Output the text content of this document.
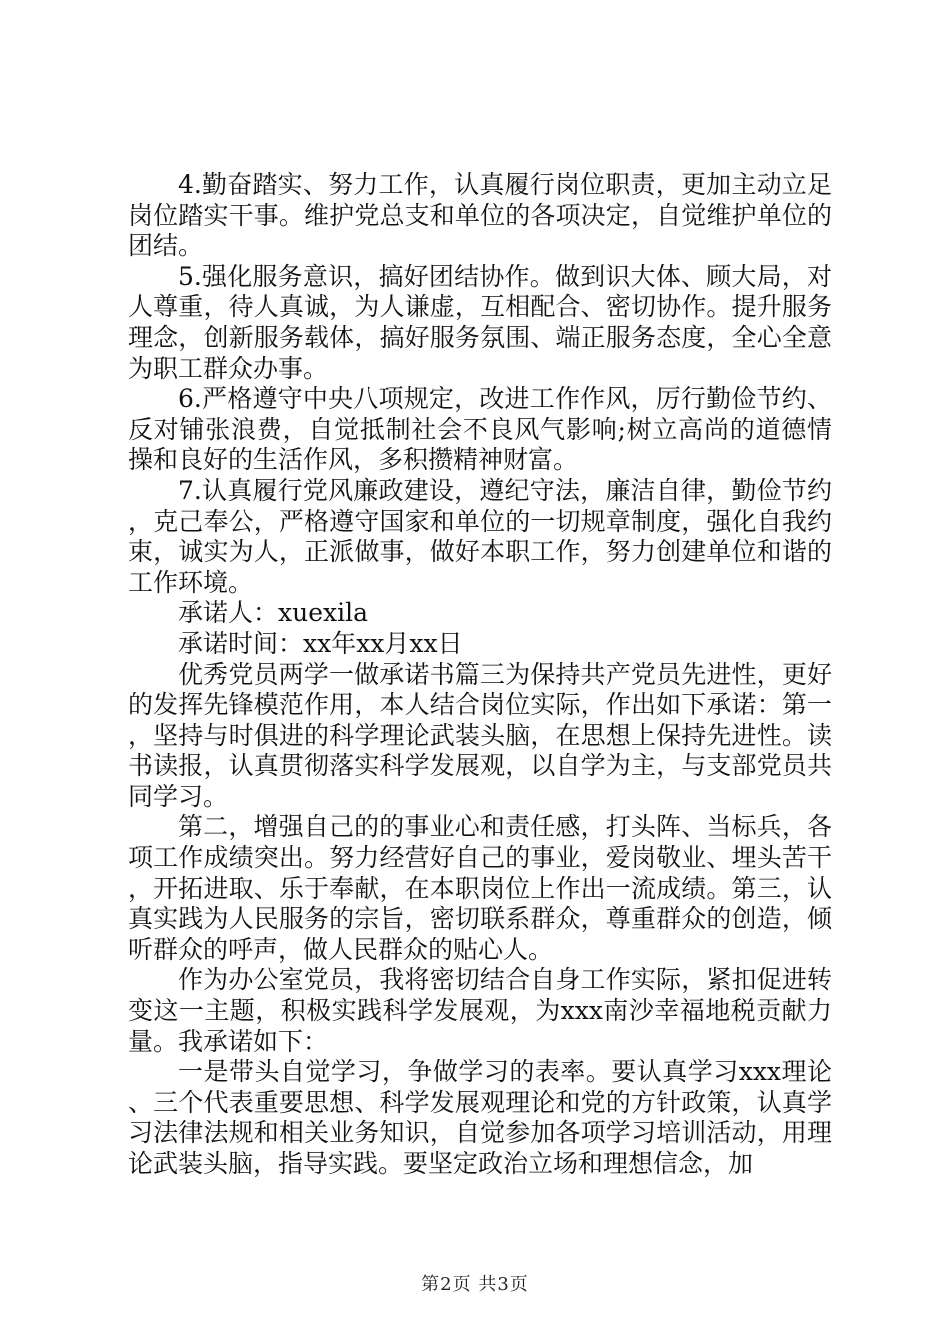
4.勤奋踏实、努力工作，认真履行岗位职责，更加主动立足岗位踏实干事。维护党总支和单位的各项决定，自觉维护单位的团结。

5.强化服务意识，搞好团结协作。做到识大体、顾大局，对人尊重，待人真诚，为人谦虚，互相配合、密切协作。提升服务理念，创新服务载体，搞好服务氛围、端正服务态度，全心全意为职工群众办事。

6.严格遵守中央八项规定，改进工作作风，厉行勤俭节约、反对铺张浪费，自觉抵制社会不良风气影响;树立高尚的道德情操和良好的生活作风，多积攒精神财富。

7.认真履行党风廉政建设，遵纪守法，廉洁自律，勤俭节约，克己奉公，严格遵守国家和单位的一切规章制度，强化自我约束，诚实为人，正派做事，做好本职工作，努力创建单位和谐的工作环境。

承诺人：xuexila

承诺时间：xx年xx月xx日

优秀党员两学一做承诺书篇三为保持共产党员先进性，更好的发挥先锋模范作用，本人结合岗位实际，作出如下承诺：第一，坚持与时俱进的科学理论武装头脑，在思想上保持先进性。读书读报，认真贯彻落实科学发展观，以自学为主，与支部党员共同学习。

第二，增强自己的的事业心和责任感，打头阵、当标兵，各项工作成绩突出。努力经营好自己的事业，爱岗敬业、埋头苦干，开拓进取、乐于奉献，在本职岗位上作出一流成绩。第三，认真实践为人民服务的宗旨，密切联系群众，尊重群众的创造，倾听群众的呼声，做人民群众的贴心人。

作为办公室党员，我将密切结合自身工作实际，紧扣促进转变这一主题，积极实践科学发展观，为xxx南沙幸福地税贡献力量。我承诺如下：

一是带头自觉学习，争做学习的表率。要认真学习xxx理论、三个代表重要思想、科学发展观理论和党的方针政策，认真学习法律法规和相关业务知识，自觉参加各项学习培训活动，用理论武装头脑，指导实践。要坚定政治立场和理想信念，加

第2页 共3页
